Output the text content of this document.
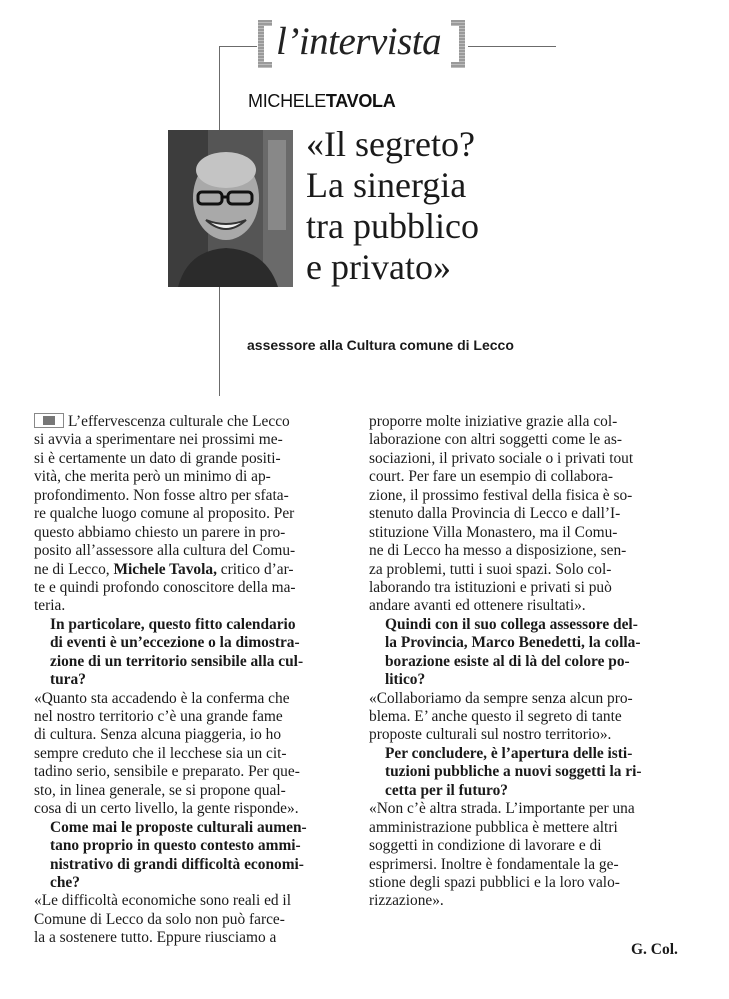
l’intervista
MICHELETAVOLA
«Il segreto?
La sinergia
tra pubblico
e privato»
assessore alla Cultura comune di Lecco
L’effervescenza culturale che Lecco
si avvia a sperimentare nei prossimi me-
si è certamente un dato di grande positi-
vità, che merita però un minimo di ap-
profondimento. Non fosse altro per sfata-
re qualche luogo comune al proposito. Per
questo abbiamo chiesto un parere in pro-
posito all’assessore alla cultura del Comu-
ne di Lecco, Michele Tavola, critico d’ar-
te e quindi profondo conoscitore della ma-
teria.
In particolare, questo fitto calendario
di eventi è un’eccezione o la dimostra-
zione di un territorio sensibile alla cul-
tura?
«Quanto sta accadendo è la conferma che
nel nostro territorio c’è una grande fame
di cultura. Senza alcuna piaggeria, io ho
sempre creduto che il lecchese sia un cit-
tadino serio, sensibile e preparato. Per que-
sto, in linea generale, se si propone qual-
cosa di un certo livello, la gente risponde».
Come mai le proposte culturali aumen-
tano proprio in questo contesto ammi-
nistrativo di grandi difficoltà economi-
che?
«Le difficoltà economiche sono reali ed il
Comune di Lecco da solo non può farce-
la a sostenere tutto. Eppure riusciamo a
proporre molte iniziative grazie alla col-
laborazione con altri soggetti come le as-
sociazioni, il privato sociale o i privati tout
court. Per fare un esempio di collabora-
zione, il prossimo festival della fisica è so-
stenuto dalla Provincia di Lecco e dall’I-
stituzione Villa Monastero, ma il Comu-
ne di Lecco ha messo a disposizione, sen-
za problemi, tutti i suoi spazi. Solo col-
laborando tra istituzioni e privati si può
andare avanti ed ottenere risultati».
Quindi con il suo collega assessore del-
la Provincia, Marco Benedetti, la colla-
borazione esiste al di là del colore po-
litico?
«Collaboriamo da sempre senza alcun pro-
blema. E’ anche questo il segreto di tante
proposte culturali sul nostro territorio».
Per concludere, è l’apertura delle isti-
tuzioni pubbliche a nuovi soggetti la ri-
cetta per il futuro?
«Non c’è altra strada. L’importante per una
amministrazione pubblica è mettere altri
soggetti in condizione di lavorare e di
esprimersi. Inoltre è fondamentale la ge-
stione degli spazi pubblici e la loro valo-
rizzazione».
G. Col.
